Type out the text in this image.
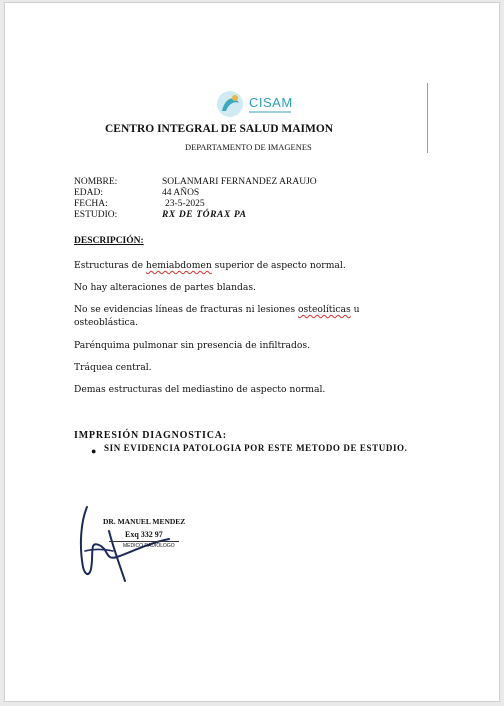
CISAM
CENTRO INTEGRAL DE SALUD MAIMON
DEPARTAMENTO DE IMAGENES
NOMBRE:	SOLANMARI FERNANDEZ ARAUJO
EDAD:	44 AÑOS
FECHA:	23-5-2025
ESTUDIO:	RX DE TÓRAX PA
DESCRIPCIÓN:
Estructuras de hemiabdomen superior de aspecto normal.
No hay alteraciones de partes blandas.
No se evidencias líneas de fracturas ni lesiones osteolíticas u osteoblástica.
Parénquima pulmonar sin presencia de infiltrados.
Tráquea central.
Demas estructuras del mediastino de aspecto normal.
IMPRESIÓN DIAGNOSTICA:
● SIN EVIDENCIA PATOLOGIA POR ESTE METODO DE ESTUDIO.
DR. MANUEL MENDEZ
Exq 332 97
MEDICO RADIOLOGO
